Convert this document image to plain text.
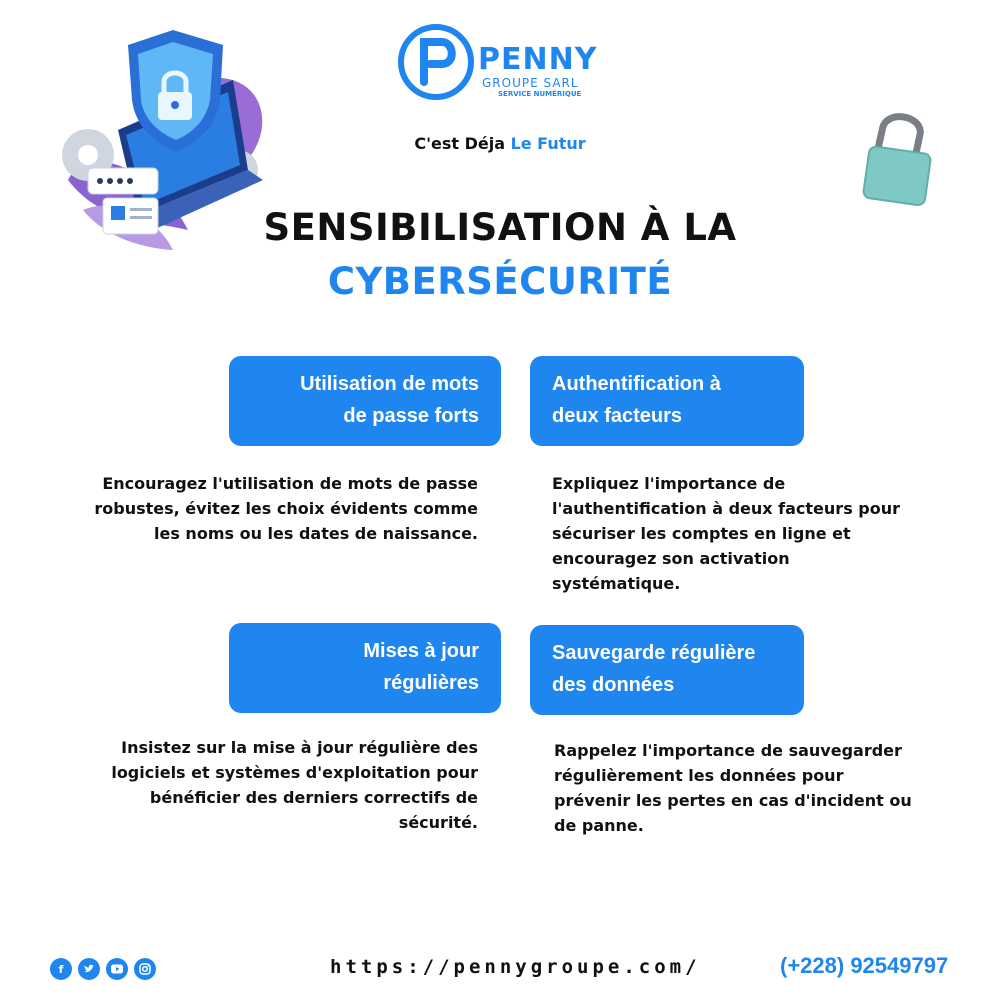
PENNY
GROUPE SARL
SERVICE NUMÉRIQUE
C'est Déja Le Futur
SENSIBILISATION À LA
CYBERSÉCURITÉ
Utilisation de mots
de passe forts
Encouragez l'utilisation de mots de passe
robustes, évitez les choix évidents comme
les noms ou les dates de naissance.
Authentification à
deux facteurs
Expliquez l'importance de
l'authentification à deux facteurs pour
sécuriser les comptes en ligne et
encouragez son activation
systématique.
Mises à jour
régulières
Insistez sur la mise à jour régulière des
logiciels et systèmes d'exploitation pour
bénéficier des derniers correctifs de
sécurité.
Sauvegarde régulière
des données
Rappelez l'importance de sauvegarder
régulièrement les données pour
prévenir les pertes en cas d'incident ou
de panne.
f	https://pennygroupe.com/	(+228) 92549797
